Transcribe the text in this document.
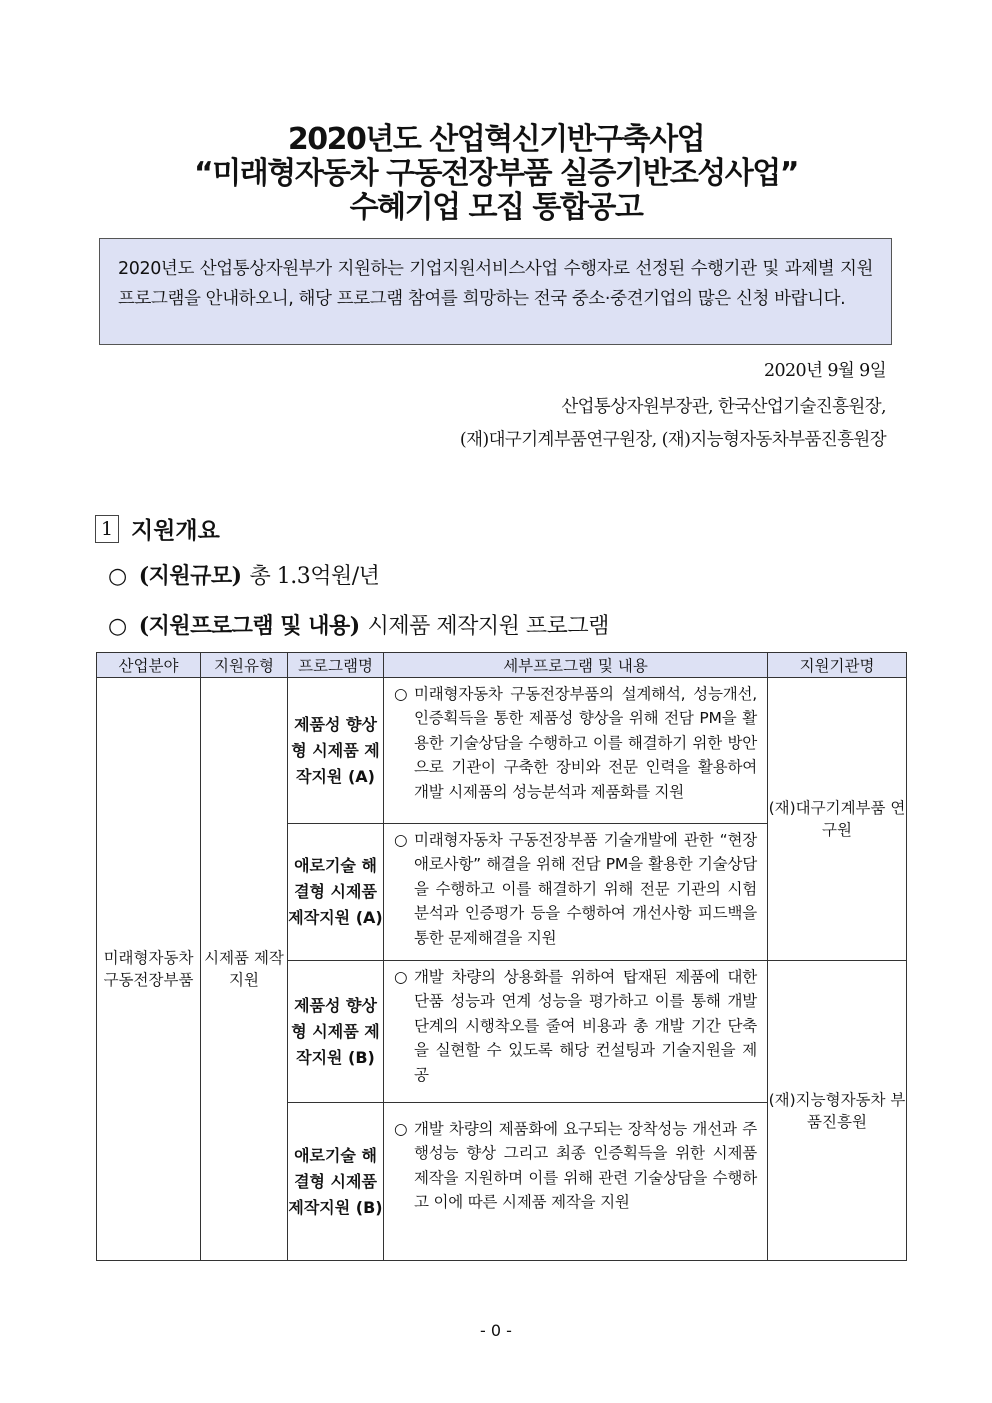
2020년도 산업혁신기반구축사업
“미래형자동차 구동전장부품 실증기반조성사업”
수혜기업 모집 통합공고
2020년도 산업통상자원부가 지원하는 기업지원서비스사업 수행자로 선정된 수행기관 및 과제별 지원 프로그램을 안내하오니, 해당 프로그램 참여를 희망하는 전국 중소·중견기업의 많은 신청 바랍니다.
2020년 9월 9일
산업통상자원부장관, 한국산업기술진흥원장,
(재)대구기계부품연구원장, (재)지능형자동차부품진흥원장
1 지원개요
○ (지원규모) 총 1.3억원/년
○ (지원프로그램 및 내용) 시제품 제작지원 프로그램
산업분야	지원유형	프로그램명	세부프로그램 및 내용	지원기관명
미래형자동차 구동전장부품	시제품 제작지원	제품성 향상형 시제품 제작지원 (A)	○ 미래형자동차 구동전장부품의 설계해석, 성능개선, 인증획득을 통한 제품성 향상을 위해 전담 PM을 활용한 기술상담을 수행하고 이를 해결하기 위한 방안으로 기관이 구축한 장비와 전문 인력을 활용하여 개발 시제품의 성능분석과 제품화를 지원	(재)대구기계부품 연구원
		애로기술 해결형 시제품 제작지원 (A)	○ 미래형자동차 구동전장부품 기술개발에 관한 “현장 애로사항” 해결을 위해 전담 PM을 활용한 기술상담을 수행하고 이를 해결하기 위해 전문 기관의 시험분석과 인증평가 등을 수행하여 개선사항 피드백을 통한 문제해결을 지원	

		제품성 향상형 시제품 제작지원 (B)	○ 개발 차량의 상용화를 위하여 탑재된 제품에 대한 단품 성능과 연계 성능을 평가하고 이를 통해 개발단계의 시행착오를 줄여 비용과 총 개발 기간 단축을 실현할 수 있도록 해당 컨설팅과 기술지원을 제공	(재)지능형자동차 부품진흥원
		애로기술 해결형 시제품 제작지원 (B)	○ 개발 차량의 제품화에 요구되는 장착성능 개선과 주행성능 향상 그리고 최종 인증획득을 위한 시제품 제작을 지원하며 이를 위해 관련 기술상담을 수행하고 이에 따른 시제품 제작을 지원	
- 0 -
